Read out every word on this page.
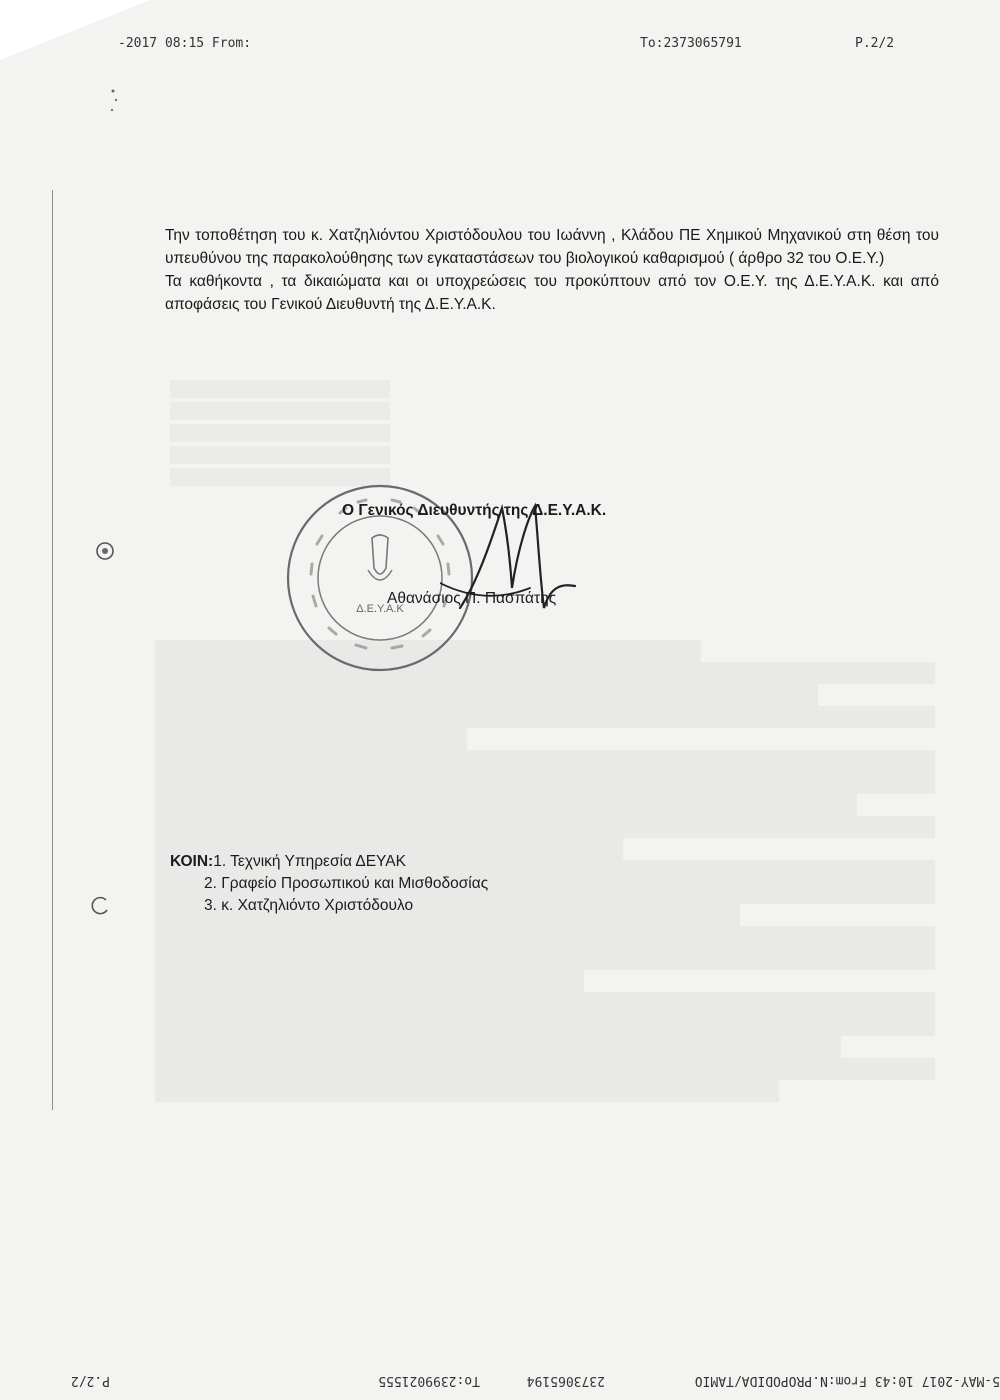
-2017 08:15 From:	To:2373065791	P.2/2

Την τοποθέτηση του κ. Χατζηλιόντου Χριστόδουλου του Ιωάννη , Κλάδου ΠΕ Χημικού Μηχανικού στη θέση του υπευθύνου της παρακολούθησης των εγκαταστάσεων του βιολογικού καθαρισμού ( άρθρο 32 του Ο.Ε.Υ.)

Τα καθήκοντα , τα δικαιώματα και οι υποχρεώσεις του προκύπτουν από τον Ο.Ε.Υ. της Δ.Ε.Υ.Α.Κ. και από αποφάσεις του Γενικού Διευθυντή της Δ.Ε.Υ.Α.Κ.

Δ.Ε.Υ.Α.Κ
Ο Γενικός Διευθυντής της Δ.Ε.Υ.Α.Κ.
Αθανάσιος Π. Πασπάτης
ΚΟΙΝ:1. Τεχνική Υπηρεσία ΔΕΥΑΚ
2. Γραφείο Προσωπικού και Μισθοδοσίας
3. κ. Χατζηλιόντο Χριστόδουλο
5-MAY-2017 10:43 From:N.PROPODIDA/TAMIO
2373065194
To:2399021555
P.2/2
